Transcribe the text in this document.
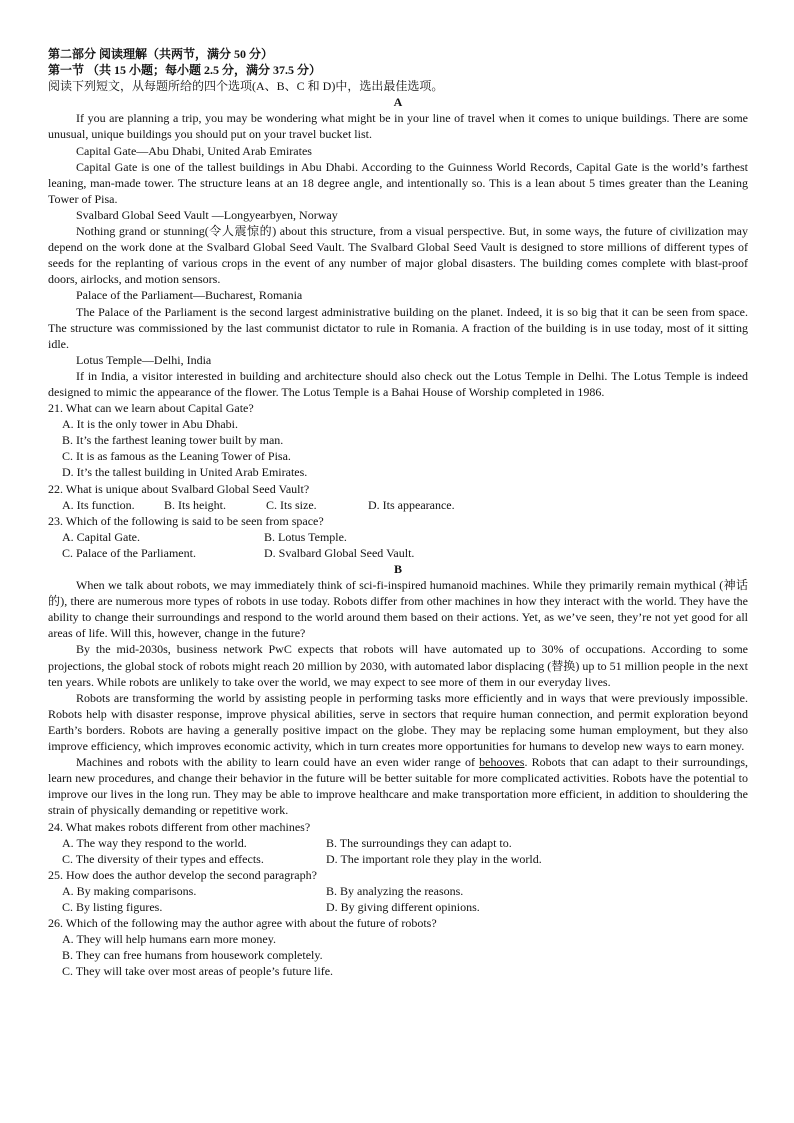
第二部分 阅读理解（共两节，满分 50 分）
第一节 （共 15 小题；每小题 2.5 分，满分 37.5 分）
阅读下列短文，从每题所给的四个选项(A、B、C 和 D)中，选出最佳选项。
A
If you are planning a trip, you may be wondering what might be in your line of travel when it comes to unique buildings. There are some unusual, unique buildings you should put on your travel bucket list.
Capital Gate—Abu Dhabi, United Arab Emirates
Capital Gate is one of the tallest buildings in Abu Dhabi. According to the Guinness World Records, Capital Gate is the world’s farthest leaning, man-made tower. The structure leans at an 18 degree angle, and intentionally so. This is a lean about 5 times greater than the Leaning Tower of Pisa.
Svalbard Global Seed Vault —Longyearbyen, Norway
Nothing grand or stunning(令人震惊的) about this structure, from a visual perspective. But, in some ways, the future of civilization may depend on the work done at the Svalbard Global Seed Vault. The Svalbard Global Seed Vault is designed to store millions of different types of seeds for the replanting of various crops in the event of any number of major global disasters. The building comes complete with blast-proof doors, airlocks, and motion sensors.
Palace of the Parliament—Bucharest, Romania
The Palace of the Parliament is the second largest administrative building on the planet. Indeed, it is so big that it can be seen from space. The structure was commissioned by the last communist dictator to rule in Romania. A fraction of the building is in use today, most of it sitting idle.
Lotus Temple—Delhi, India
If in India, a visitor interested in building and architecture should also check out the Lotus Temple in Delhi. The Lotus Temple is indeed designed to mimic the appearance of the flower. The Lotus Temple is a Bahai House of Worship completed in 1986.
21. What can we learn about Capital Gate?
A. It is the only tower in Abu Dhabi.
B. It’s the farthest leaning tower built by man.
C. It is as famous as the Leaning Tower of Pisa.
D. It’s the tallest building in United Arab Emirates.
22. What is unique about Svalbard Global Seed Vault?
A. Its function.	B. Its height.	C. Its size.	D. Its appearance.
23. Which of the following is said to be seen from space?
A. Capital Gate.	B. Lotus Temple.
C. Palace of the Parliament.	D. Svalbard Global Seed Vault.
B
When we talk about robots, we may immediately think of sci-fi-inspired humanoid machines. While they primarily remain mythical (神话的), there are numerous more types of robots in use today. Robots differ from other machines in how they interact with the world. They have the ability to change their surroundings and respond to the world around them based on their actions. Yet, as we’ve seen, they’re not yet good for all areas of life. Will this, however, change in the future?
By the mid-2030s, business network PwC expects that robots will have automated up to 30% of occupations. According to some projections, the global stock of robots might reach 20 million by 2030, with automated labor displacing (替换) up to 51 million people in the next ten years. While robots are unlikely to take over the world, we may expect to see more of them in our everyday lives.
Robots are transforming the world by assisting people in performing tasks more efficiently and in ways that were previously impossible. Robots help with disaster response, improve physical abilities, serve in sectors that require human connection, and permit exploration beyond Earth’s borders. Robots are having a generally positive impact on the globe. They may be replacing some human employment, but they also improve efficiency, which improves economic activity, which in turn creates more opportunities for humans to develop new ways to earn money.
Machines and robots with the ability to learn could have an even wider range of behooves. Robots that can adapt to their surroundings, learn new procedures, and change their behavior in the future will be better suitable for more complicated activities. Robots have the potential to improve our lives in the long run. They may be able to improve healthcare and make transportation more efficient, in addition to shouldering the strain of physically demanding or repetitive work.
24. What makes robots different from other machines?
A. The way they respond to the world.	B. The surroundings they can adapt to.
C. The diversity of their types and effects.	D. The important role they play in the world.
25. How does the author develop the second paragraph?
A. By making comparisons.	B. By analyzing the reasons.
C. By listing figures.	D. By giving different opinions.
26. Which of the following may the author agree with about the future of robots?
A. They will help humans earn more money.
B. They can free humans from housework completely.
C. They will take over most areas of people’s future life.
